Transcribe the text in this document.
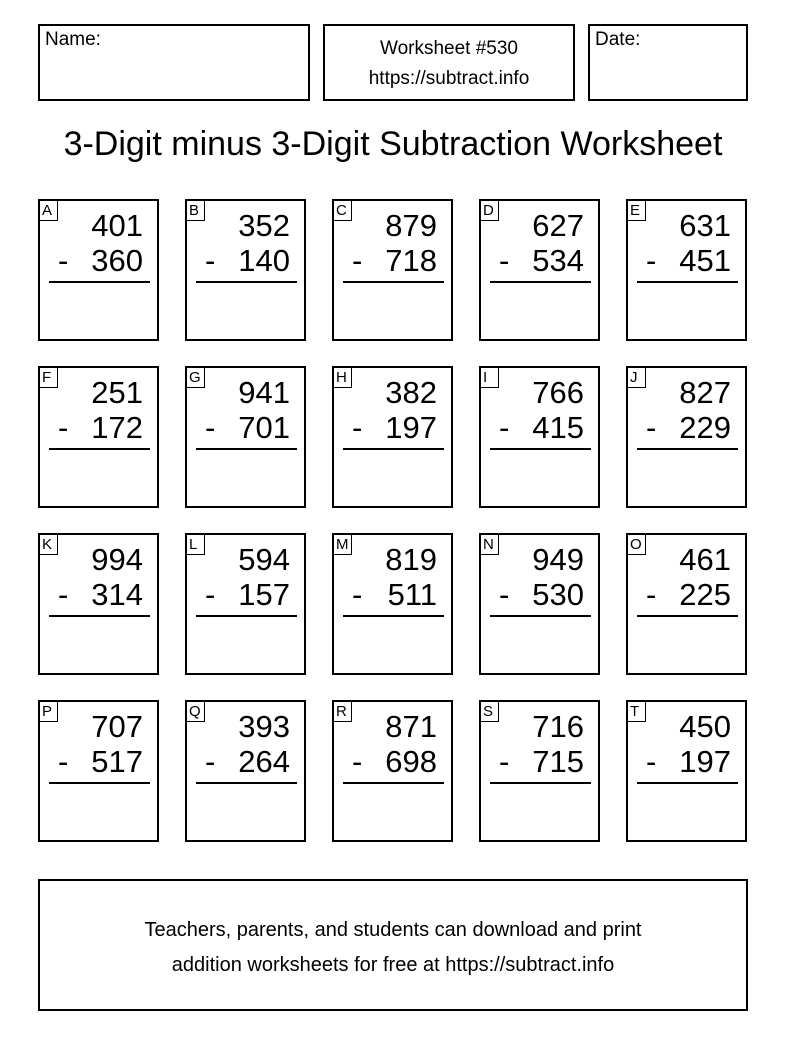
Name:	Worksheet #530
https://subtract.info
Date:
3-Digit minus 3-Digit Subtraction Worksheet
A 401
- 360
B 352
- 140
C 879
- 718
D 627
- 534
E 631
- 451
F 251
- 172
G 941
- 701
H 382
- 197
I	766
- 415
J 827
- 229
K 994
- 314
L 594
- 157
M 819
- 511
N 949
- 530
O 461
- 225
P 707
- 517
Q 393
- 264
R 871
- 698
S 716
- 715
T 450
- 197
Teachers, parents, and students can download and print
addition worksheets for free at https://subtract.info
